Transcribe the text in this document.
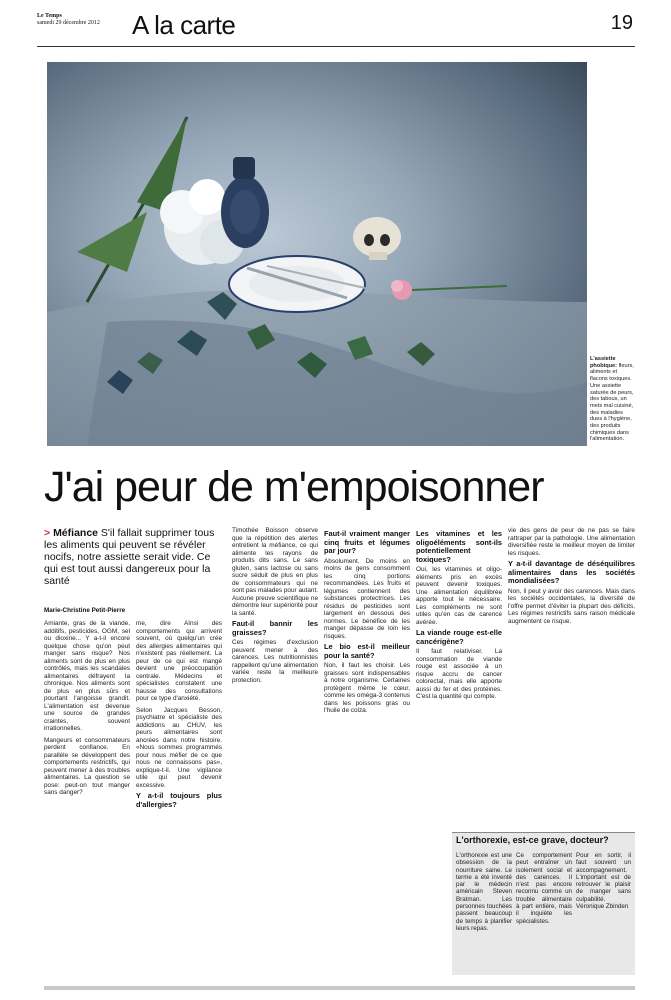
Le Temps
samedi 29 décembre 2012 A la carte	19
L'assiette phobique: fleurs, aliments et flacons toxiques. Une assiette saturée de peurs, des tabous, un mets mal cuisiné, des maladies dues à l'hygiène, des produits chimiques dans l'alimentation.
J'ai peur de m'empoisonner
> Méfiance S'il fallait supprimer tous les aliments qui peuvent se révéler nocifs, notre assiette serait vide. Ce qui est tout aussi dangereux pour la santé
Marie-Christine Petit-Pierre

Amiante, gras de la viande, additifs, pesticides, OGM, sel ou dioxine... Y a-t-il encore quelque chose qu'on peut manger sans risque? Nos aliments sont de plus en plus contrôlés, mais les scandales alimentaires défrayent la chronique. Nos aliments sont de plus en plus sûrs et pourtant l'angoisse grandit. L'alimentation est devenue une source de grandes craintes, souvent irrationnelles.

Mangeurs et consommateurs perdent confiance. En parallèle se développent des comportements restrictifs, qui peuvent mener à des troubles alimentaires. La question se pose: peut-on tout manger sans danger?

me, dire Aïnsi des comportements qui arrivent souvent, où quelqu'un crée des allergies alimentaires qui n'existent pas réellement. La peur de ce qui est mangé devient une préoccupation centrale. Médecins et spécialistes constatent une hausse des consultations pour ce type d'anxiété.

Selon Jacques Besson, psychiatre et spécialiste des addictions au CHUV, les peurs alimentaires sont ancrées dans notre histoire. «Nous sommes programmés pour nous méfier de ce que nous ne connaissons pas», explique-t-il. Une vigilance utile qui peut devenir excessive.

Y a-t-il toujours plus d'allergies?

Timothée Boisson observe que la répétition des alertes entretient la méfiance, ce qui alimente les rayons de produits dits sans. Le sans gluten, sans lactose ou sans sucre séduit de plus en plus de consommateurs qui ne sont pas malades pour autant. Aucune preuve scientifique ne démontre leur supériorité pour la santé.

Faut-il bannir les graisses?

Ces régimes d'exclusion peuvent mener à des carences. Les nutritionnistes rappellent qu'une alimentation variée reste la meilleure protection.

Faut-il vraiment manger cinq fruits et légumes par jour?

Absolument. De moins en moins de gens consomment les cinq portions recommandées. Les fruits et légumes contiennent des substances protectrices. Les résidus de pesticides sont largement en dessous des normes. Le bénéfice de les manger dépasse de loin les risques.

Le bio est-il meilleur pour la santé?

Non, il faut les choisir. Les graisses sont indispensables à notre organisme. Certaines protègent même le cœur, comme les oméga-3 contenus dans les poissons gras ou l'huile de colza.

Les vitamines et les oligoéléments sont-ils potentiellement toxiques?

Oui, les vitamines et oligo-éléments pris en excès peuvent devenir toxiques. Une alimentation équilibrée apporte tout le nécessaire. Les compléments ne sont utiles qu'en cas de carence avérée.

La viande rouge est-elle cancérigène?

Il faut relativiser. La consommation de viande rouge est associée à un risque accru de cancer colorectal, mais elle apporte aussi du fer et des protéines. C'est la quantité qui compte.

vie des gens de peur de ne pas se faire rattraper par la pathologie. Une alimentation diversifiée reste le meilleur moyen de limiter les risques.

Y a-t-il davantage de déséquilibres alimentaires dans les sociétés mondialisées?

Non, il peut y avoir des carences. Mais dans les sociétés occidentales, la diversité de l'offre permet d'éviter la plupart des déficits. Les régimes restrictifs sans raison médicale augmentent ce risque.

L'orthorexie, est-ce grave, docteur?
L'orthorexie est une obsession de la nourriture saine. Le terme a été inventé par le médecin américain Steven Bratman. Les personnes touchées passent beaucoup de temps à planifier leurs repas.
Ce comportement peut entraîner un isolement social et des carences. Il n'est pas encore reconnu comme un trouble alimentaire à part entière, mais il inquiète les spécialistes.
Pour en sortir, il faut souvent un accompagnement. L'important est de retrouver le plaisir de manger sans culpabilité. Véronique Zbinden
